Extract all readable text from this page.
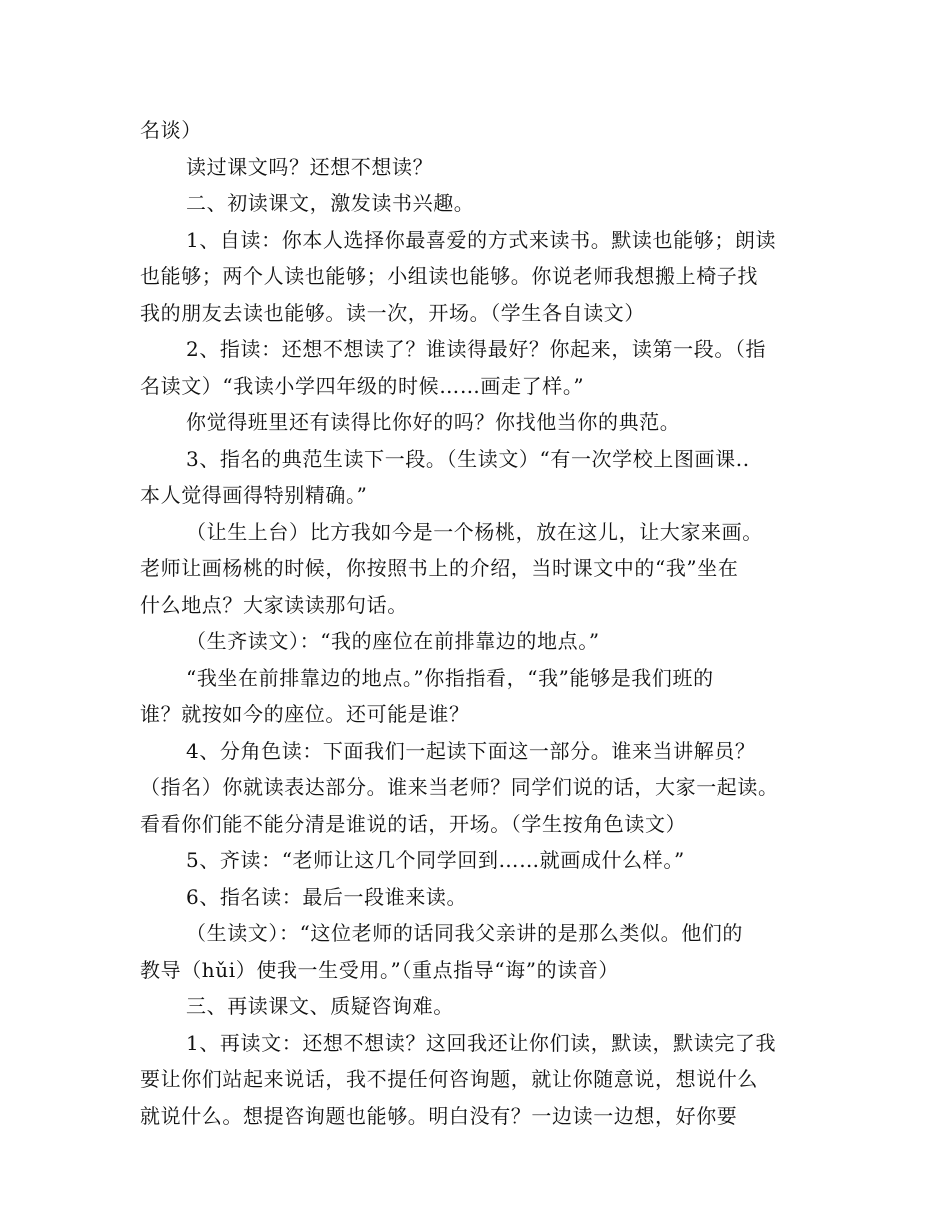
名谈）
读过课文吗？还想不想读？
二、初读课文，激发读书兴趣。
1、自读：你本人选择你最喜爱的方式来读书。默读也能够；朗读
也能够；两个人读也能够；小组读也能够。你说老师我想搬上椅子找
我的朋友去读也能够。读一次，开场。（学生各自读文）
2、指读：还想不想读了？谁读得最好？你起来，读第一段。（指
名读文）“我读小学四年级的时候……画走了样。”
你觉得班里还有读得比你好的吗？你找他当你的典范。
3、指名的典范生读下一段。（生读文）“有一次学校上图画课..
本人觉得画得特别精确。”
（让生上台）比方我如今是一个杨桃，放在这儿，让大家来画。
老师让画杨桃的时候，你按照书上的介绍，当时课文中的“我”坐在
什么地点？大家读读那句话。
（生齐读文）：“我的座位在前排靠边的地点。”
“我坐在前排靠边的地点。”你指指看，“我”能够是我们班的
谁？就按如今的座位。还可能是谁？
4、分角色读：下面我们一起读下面这一部分。谁来当讲解员？
（指名）你就读表达部分。谁来当老师？同学们说的话，大家一起读。
看看你们能不能分清是谁说的话，开场。（学生按角色读文）
5、齐读：“老师让这几个同学回到……就画成什么样。”
6、指名读：最后一段谁来读。
（生读文）：“这位老师的话同我父亲讲的是那么类似。他们的
教导（hǔi）使我一生受用。”（重点指导“诲”的读音）
三、再读课文、质疑咨询难。
1、再读文：还想不想读？这回我还让你们读，默读，默读完了我
要让你们站起来说话，我不提任何咨询题，就让你随意说，想说什么
就说什么。想提咨询题也能够。明白没有？一边读一边想，好你要
